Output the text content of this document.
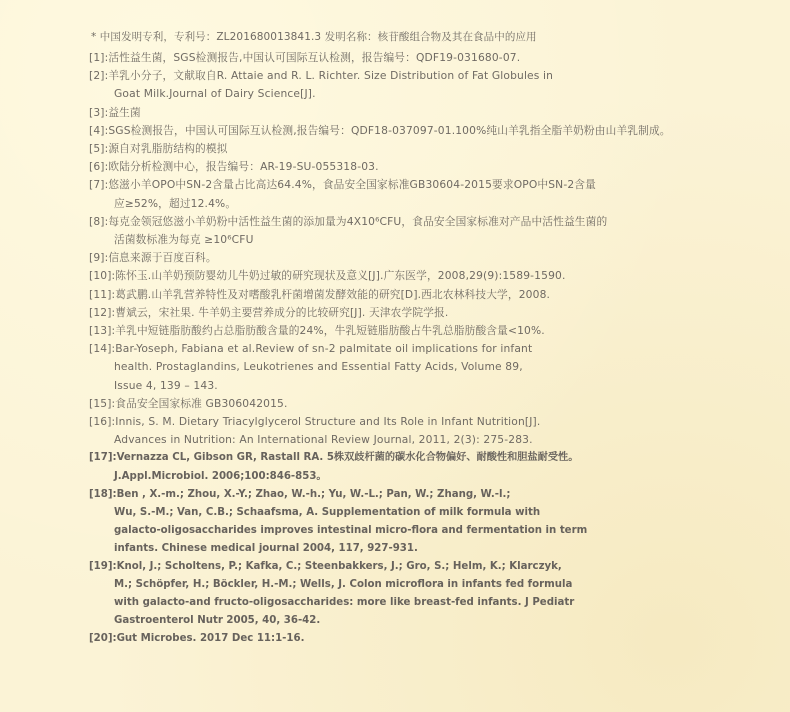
* 中国发明专利，专利号：ZL201680013841.3 发明名称：核苷酸组合物及其在食品中的应用
[1]:活性益生菌，SGS检测报告,中国认可国际互认检测，报告编号：QDF19-031680-07.
[2]:羊乳小分子，文献取自R. Attaie and R. L. Richter. Size Distribution of Fat Globules in
Goat Milk.Journal of Dairy Science[J].
[3]:益生菌
[4]:SGS检测报告，中国认可国际互认检测,报告编号：QDF18-037097-01.100%纯山羊乳指全脂羊奶粉由山羊乳制成。
[5]:源自对乳脂肪结构的模拟
[6]:欧陆分析检测中心，报告编号：AR-19-SU-055318-03.
[7]:悠滋小羊OPO中SN-2含量占比高达64.4%，食品安全国家标准GB30604-2015要求OPO中SN-2含量
应≥52%，超过12.4%。
[8]:每克金领冠悠滋小羊奶粉中活性益生菌的添加量为4X10⁶CFU，食品安全国家标准对产品中活性益生菌的
活菌数标准为每克 ≥10⁶CFU
[9]:信息来源于百度百科。
[10]:陈怀玉.山羊奶预防婴幼儿牛奶过敏的研究现状及意义[J].广东医学，2008,29(9):1589-1590.
[11]:葛武鹏.山羊乳营养特性及对嗜酸乳杆菌增菌发酵效能的研究[D].西北农林科技大学，2008.
[12]:曹斌云，宋社果. 牛羊奶主要营养成分的比较研究[J]. 天津农学院学报.
[13]:羊乳中短链脂肪酸约占总脂肪酸含量的24%，牛乳短链脂肪酸占牛乳总脂肪酸含量<10%.
[14]:Bar-Yoseph, Fabiana et al.Review of sn-2 palmitate oil implications for infant
health. Prostaglandins, Leukotrienes and Essential Fatty Acids, Volume 89,
Issue 4, 139 – 143.
[15]:食品安全国家标准 GB306042015.
[16]:Innis, S. M. Dietary Triacylglycerol Structure and Its Role in Infant Nutrition[J].
Advances in Nutrition: An International Review Journal, 2011, 2(3): 275-283.
[17]:Vernazza CL, Gibson GR, Rastall RA. 5株双歧杆菌的碳水化合物偏好、耐酸性和胆盐耐受性。
J.Appl.Microbiol. 2006;100:846-853。
[18]:Ben , X.-m.; Zhou, X.-Y.; Zhao, W.-h.; Yu, W.-L.; Pan, W.; Zhang, W.-l.;
Wu, S.-M.; Van, C.B.; Schaafsma, A. Supplementation of milk formula with
galacto-oligosaccharides improves intestinal micro-flora and fermentation in term
infants. Chinese medical journal 2004, 117, 927-931.
[19]:Knol, J.; Scholtens, P.; Kafka, C.; Steenbakkers, J.; Gro, S.; Helm, K.; Klarczyk,
M.; Schöpfer, H.; Böckler, H.-M.; Wells, J. Colon microflora in infants fed formula
with galacto-and fructo-oligosaccharides: more like breast-fed infants. J Pediatr
Gastroenterol Nutr 2005, 40, 36-42.
[20]:Gut Microbes. 2017 Dec 11:1-16.
